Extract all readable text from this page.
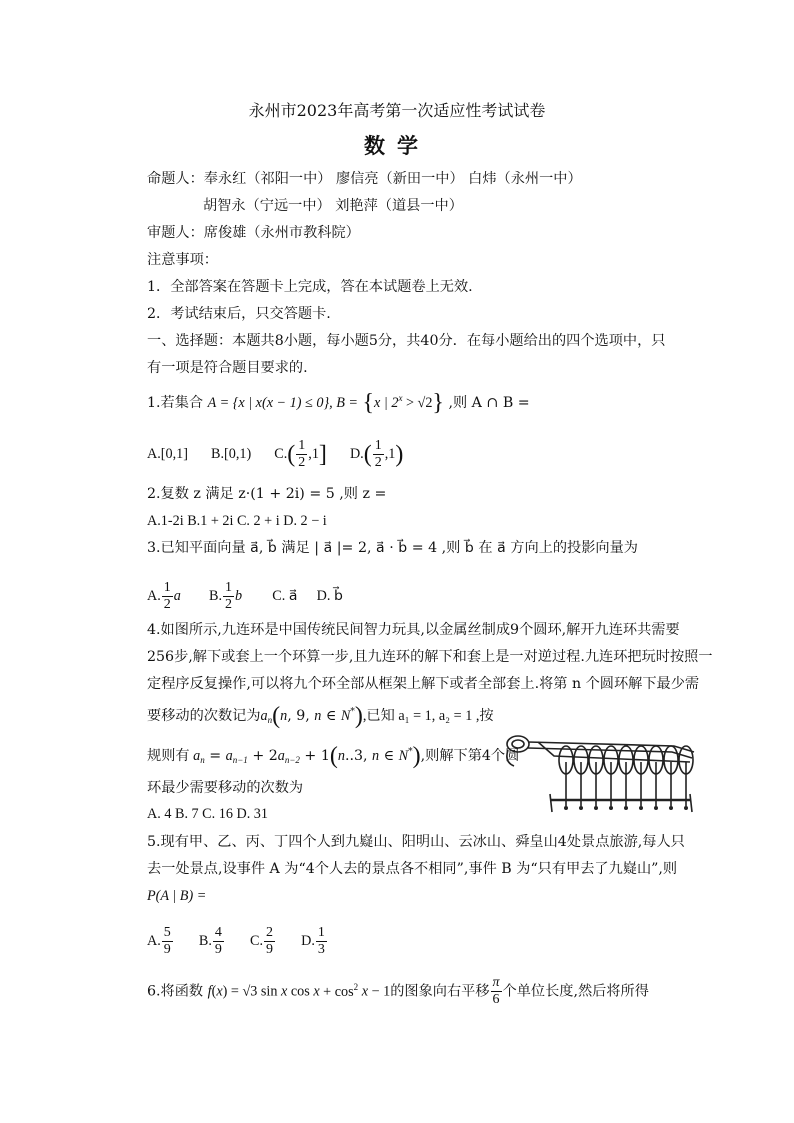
永州市2023年高考第一次适应性考试试卷
数学
命题人：奉永红（祁阳一中） 廖信亮（新田一中） 白炜（永州一中）
胡智永（宁远一中） 刘艳萍（道县一中）
审题人：席俊雄（永州市教科院）
注意事项：
1．全部答案在答题卡上完成，答在本试题卷上无效.
2．考试结束后，只交答题卡.
一、选择题：本题共8小题，每小题5分，共40分．在每小题给出的四个选项中，只
有一项是符合题目要求的.
1.若集合 A = {x | x(x − 1) ≤ 0}, B = {x | $2^x > √2$} ,则 A ∩ B =
A.[0,1] B.[0,1) $C.( \frac{1}{2} ,1]$ $D.( \frac{1}{2} ,1)$
2.复数 z 满足 z·(1 + 2i) = 5 ,则 z =
A.1-2i B.1 + 2i C. 2 + i D. 2 − i
3.已知平面向量 a⃗, b⃗ 满足 | a⃗ |= 2, a⃗ · b⃗ = 4 ,则 b⃗ 在 a⃗ 方向上的投影向量为
A. $\frac{1}{2}$ a⃗ B. $\frac{1}{2}$ b⃗ C. a⃗ D. b⃗
4.如图所示,九连环是中国传统民间智力玩具,以金属丝制成9个圆环,解开九连环共需要
256步,解下或套上一个环算一步,且九连环的解下和套上是一对逆过程.九连环把玩时按照一
定程序反复操作,可以将九个环全部从框架上解下或者全部套上.将第 n 个圆环解下最少需
要移动的次数记为$a_n(n$, 9, n ∈ N*),已知 a₁ = 1, a₂ = 1 ,按
规则有 $a_n = a_{n-1} + 2a_{n-2} + 1(n..3$, n ∈ N*),则解下第4个圆
环最少需要移动的次数为
A. 4 B. 7 C. 16 D. 31
5.现有甲、乙、丙、丁四个人到九嶷山、阳明山、云冰山、舜皇山4处景点旅游,每人只
去一处景点,设事件 A 为“4个人去的景点各不相同”,事件 B 为“只有甲去了九嶷山”,则
P(A | B) =
A. $\frac{5}{9} B$. $\frac{4}{9} C$. $\frac{2}{9} D$. $\frac{1}{3}$
6.将函数 f(x) = √3 sin x $\cos x + \cos^2 x - 1$的图象向右平移 $\frac{\pi}{6}$ 个单位长度,然后将所得
